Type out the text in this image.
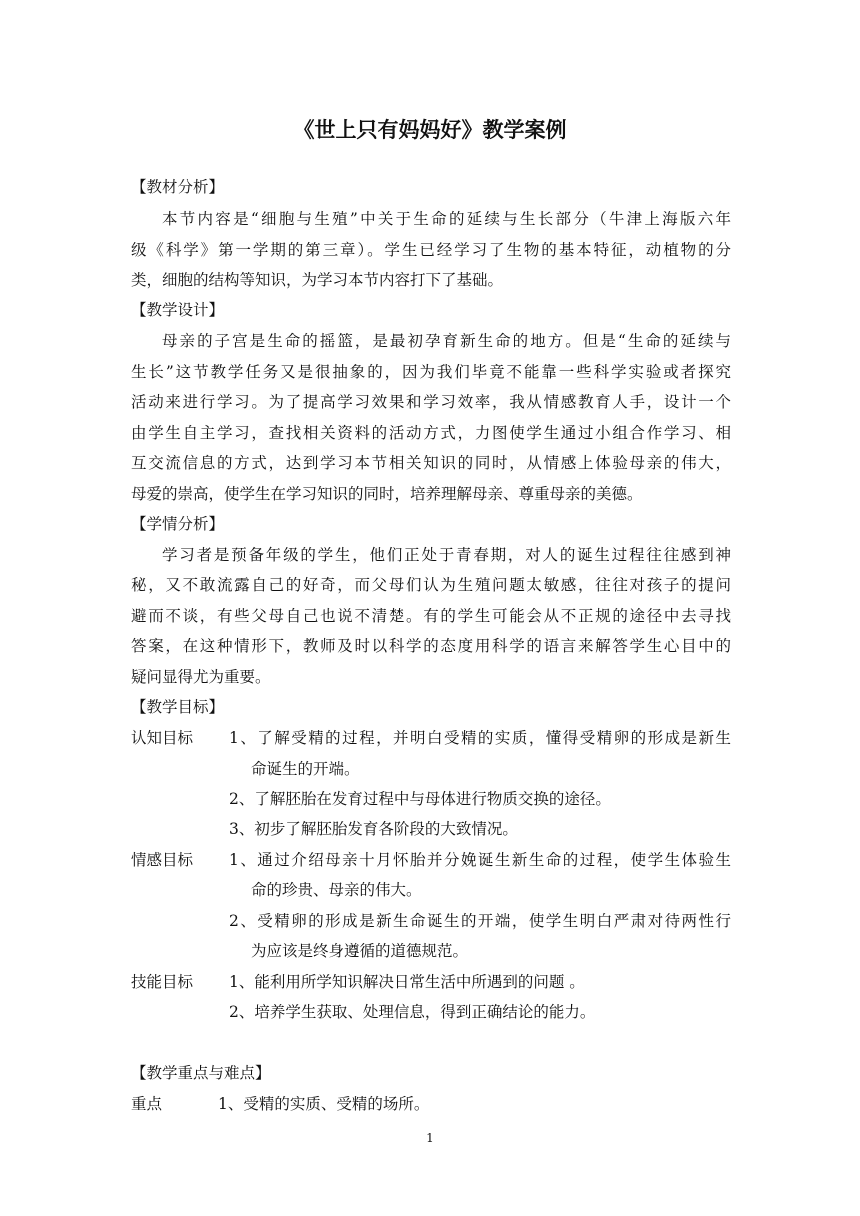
《世上只有妈妈好》教学案例
【教材分析】
本节内容是“细胞与生殖”中关于生命的延续与生长部分（牛津上海版六年
级《科学》第一学期的第三章）。学生已经学习了生物的基本特征，动植物的分
类，细胞的结构等知识，为学习本节内容打下了基础。
【教学设计】
母亲的子宫是生命的摇篮，是最初孕育新生命的地方。但是“生命的延续与
生长”这节教学任务又是很抽象的，因为我们毕竟不能靠一些科学实验或者探究
活动来进行学习。为了提高学习效果和学习效率，我从情感教育人手，设计一个
由学生自主学习，查找相关资料的活动方式，力图使学生通过小组合作学习、相
互交流信息的方式，达到学习本节相关知识的同时，从情感上体验母亲的伟大，
母爱的崇高，使学生在学习知识的同时，培养理解母亲、尊重母亲的美德。
【学情分析】
学习者是预备年级的学生，他们正处于青春期，对人的诞生过程往往感到神
秘，又不敢流露自己的好奇，而父母们认为生殖问题太敏感，往往对孩子的提问
避而不谈，有些父母自己也说不清楚。有的学生可能会从不正规的途径中去寻找
答案，在这种情形下，教师及时以科学的态度用科学的语言来解答学生心目中的
疑问显得尤为重要。
【教学目标】
认知目标 1、了解受精的过程，并明白受精的实质，懂得受精卵的形成是新生
命诞生的开端。
2、了解胚胎在发育过程中与母体进行物质交换的途径。
3、初步了解胚胎发育各阶段的大致情况。
情感目标 1、通过介绍母亲十月怀胎并分娩诞生新生命的过程，使学生体验生
命的珍贵、母亲的伟大。
2、受精卵的形成是新生命诞生的开端，使学生明白严肃对待两性行
为应该是终身遵循的道德规范。
技能目标 1、能利用所学知识解决日常生活中所遇到的问题 。
2、培养学生获取、处理信息，得到正确结论的能力。
【教学重点与难点】
重点	1、受精的实质、受精的场所。
1
